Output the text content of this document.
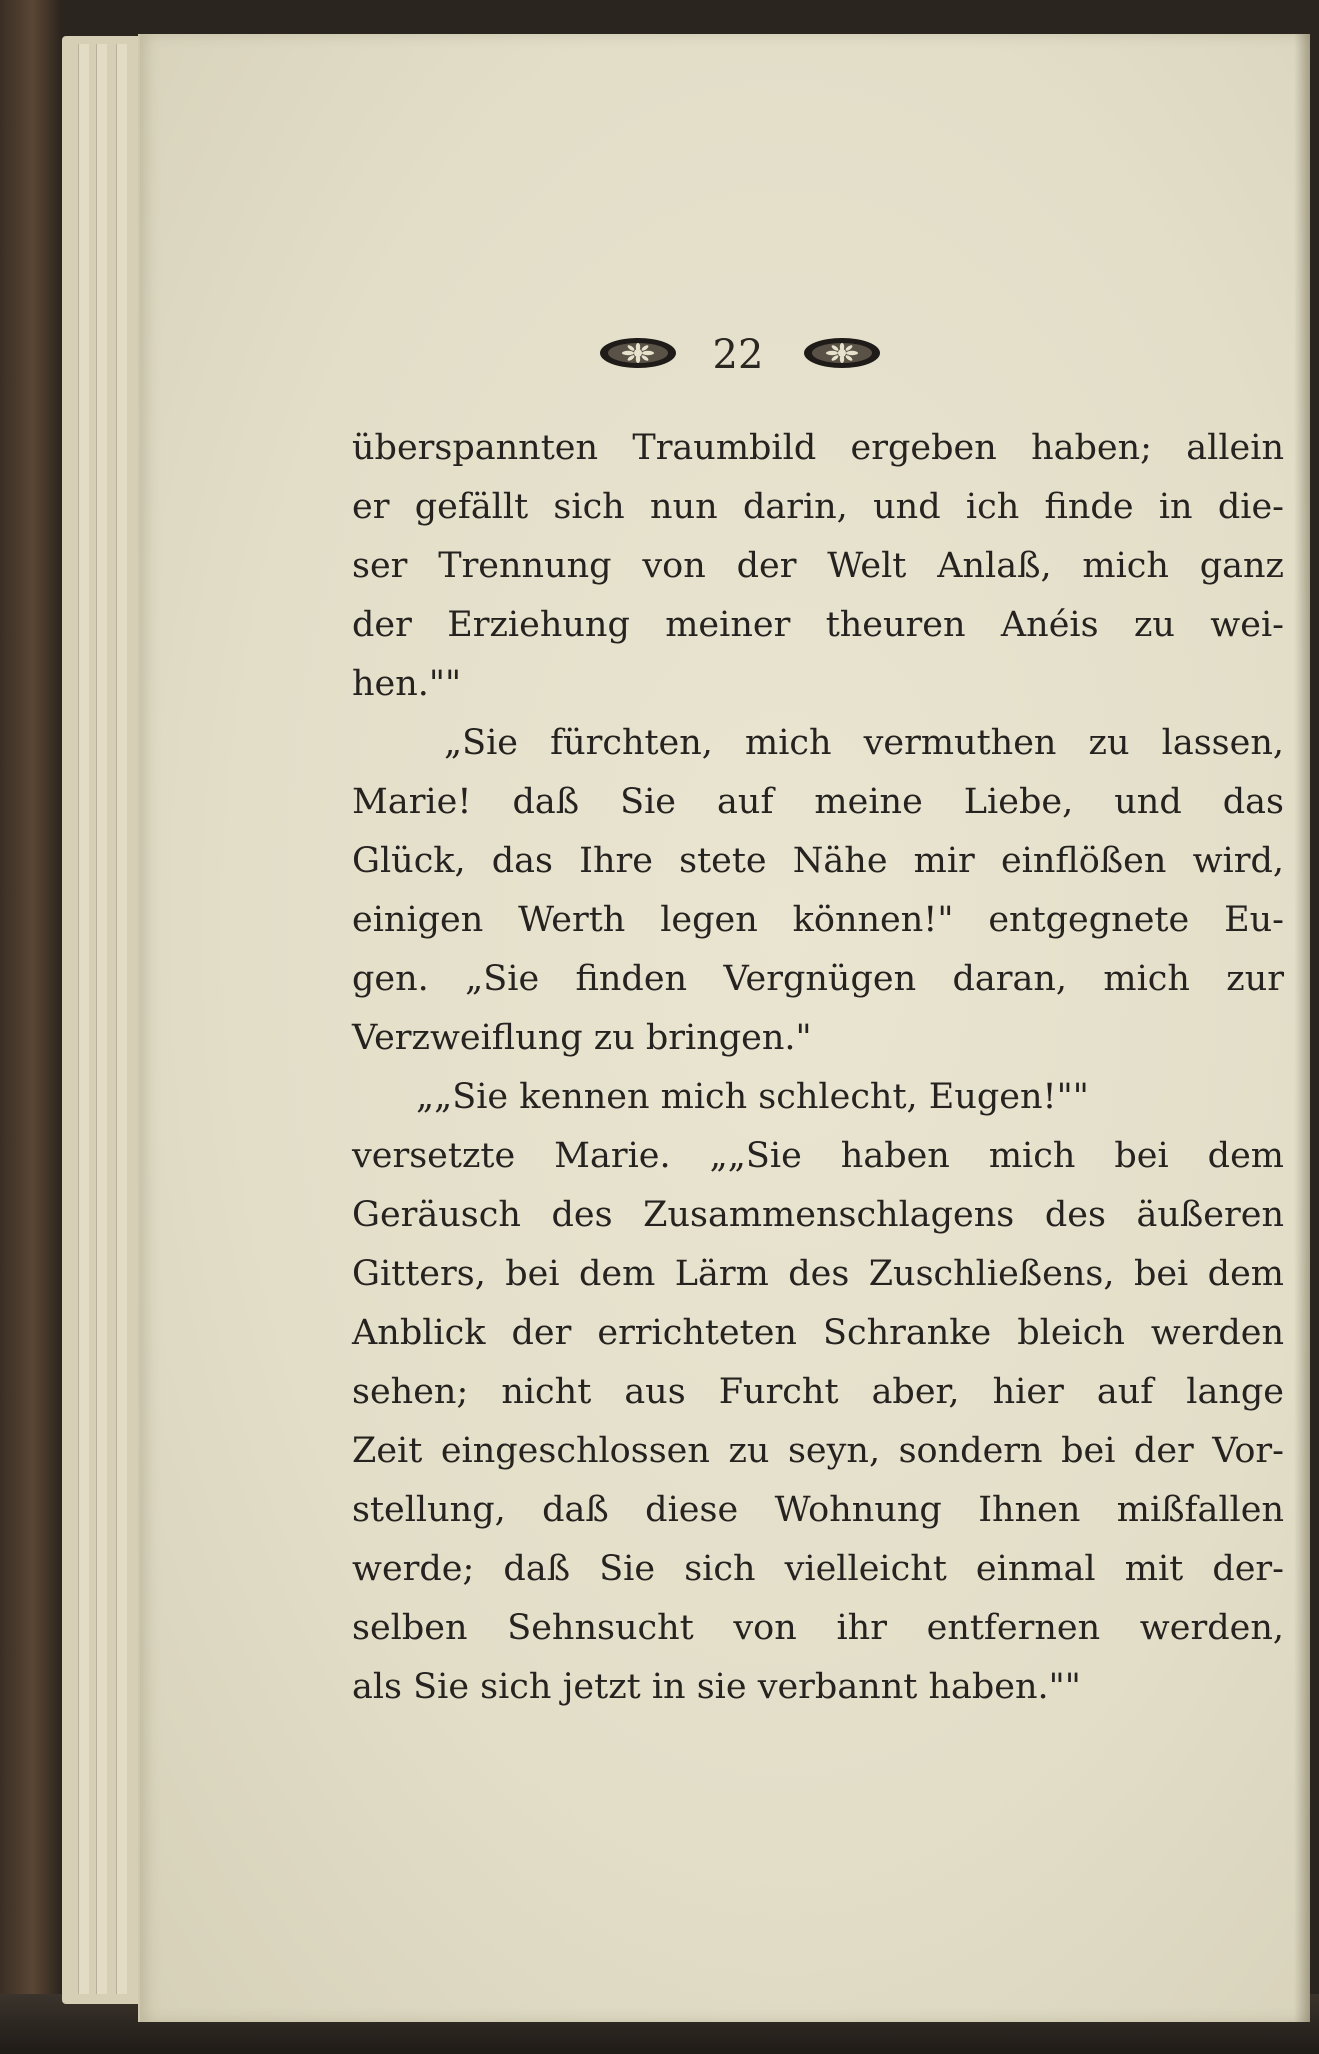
22
überspannten Traumbild ergeben haben; allein
er gefällt sich nun darin, und ich finde in die-
ser Trennung von der Welt Anlaß, mich ganz
der Erziehung meiner theuren Anéis zu wei-
hen.""
„Sie fürchten, mich vermuthen zu lassen,
Marie! daß Sie auf meine Liebe, und das
Glück, das Ihre stete Nähe mir einflößen wird,
einigen Werth legen können!" entgegnete Eu-
gen. „Sie finden Vergnügen daran, mich zur
Verzweiflung zu bringen."
„„Sie kennen mich schlecht, Eugen!""
versetzte Marie. „„Sie haben mich bei dem
Geräusch des Zusammenschlagens des äußeren
Gitters, bei dem Lärm des Zuschließens, bei dem
Anblick der errichteten Schranke bleich werden
sehen; nicht aus Furcht aber, hier auf lange
Zeit eingeschlossen zu seyn, sondern bei der Vor-
stellung, daß diese Wohnung Ihnen mißfallen
werde; daß Sie sich vielleicht einmal mit der-
selben Sehnsucht von ihr entfernen werden,
als Sie sich jetzt in sie verbannt haben.""
